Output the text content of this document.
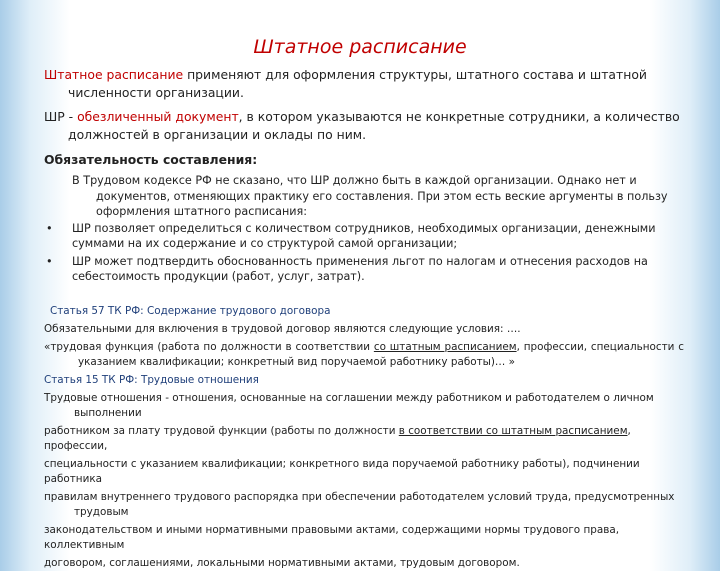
Штатное расписание
Штатное расписание применяют для оформления структуры, штатного состава и штатной численности организации.
ШР - обезличенный документ, в котором указываются не конкретные сотрудники, а количество должностей в организации и оклады по ним.
Обязательность составления:
В Трудовом кодексе РФ не сказано, что ШР должно быть в каждой организации. Однако нет и документов, отменяющих практику его составления. При этом есть веские аргументы в пользу оформления штатного расписания:
• ШР позволяет определиться с количеством сотрудников, необходимых организации, денежными суммами на их содержание и со структурой самой организации;
• ШР может подтвердить обоснованность применения льгот по налогам и отнесения расходов на себестоимость продукции (работ, услуг, затрат).
Статья 57 ТК РФ: Содержание трудового договора
Обязательными для включения в трудовой договор являются следующие условия: ….
«трудовая функция (работа по должности в соответствии со штатным расписанием, профессии, специальности с указанием квалификации; конкретный вид поручаемой работнику работы)… »
Статья 15 ТК РФ: Трудовые отношения
Трудовые отношения - отношения, основанные на соглашении между работником и работодателем о личном выполнении
работником за плату трудовой функции (работы по должности в соответствии со штатным расписанием, профессии,
специальности с указанием квалификации; конкретного вида поручаемой работнику работы), подчинении работника
правилам внутреннего трудового распорядка при обеспечении работодателем условий труда, предусмотренных трудовым
законодательством и иными нормативными правовыми актами, содержащими нормы трудового права, коллективным
договором, соглашениями, локальными нормативными актами, трудовым договором.
